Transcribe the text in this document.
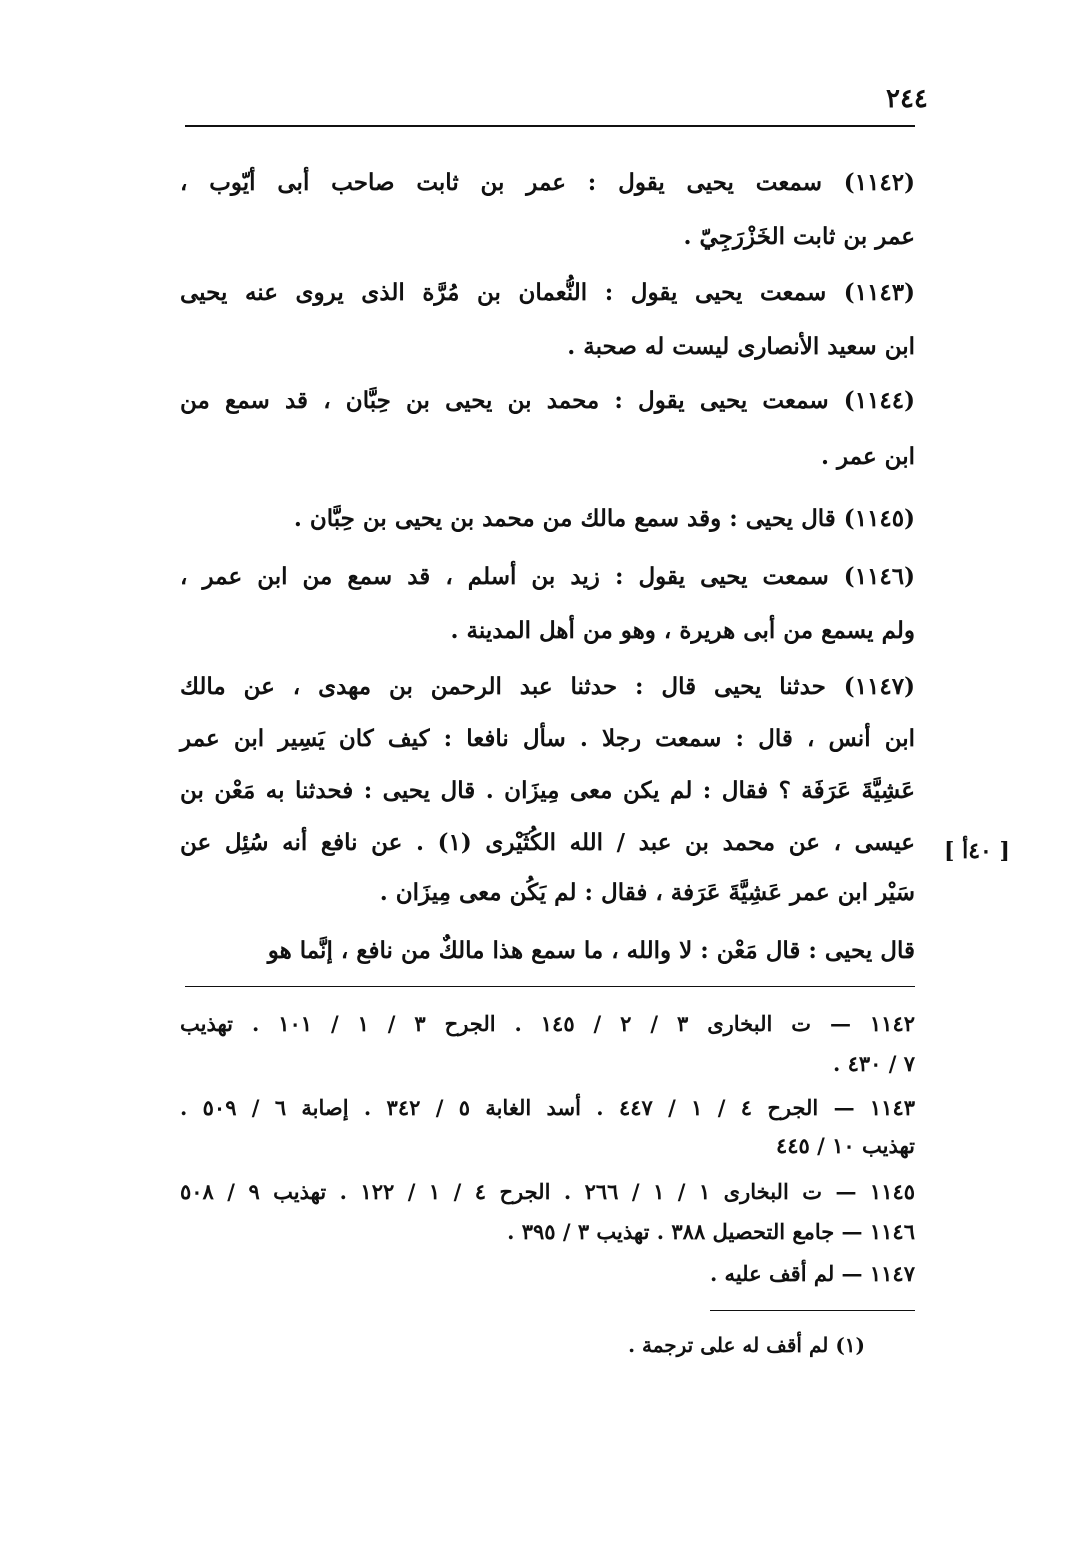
٢٤٤
(١١٤٢) سمعت يحيى يقول : عمر بن ثابت صاحب أبى أيّوب ،
عمر بن ثابت الخَزْرَجِيّ .
(١١٤٣) سمعت يحيى يقول : النُّعمان بن مُرَّة الذى يروى عنه يحيى
ابن سعيد الأنصارى ليست له صحبة .
(١١٤٤) سمعت يحيى يقول : محمد بن يحيى بن حِبَّان ، قد سمع من
ابن عمر .
(١١٤٥) قال يحيى : وقد سمع مالك من محمد بن يحيى بن حِبَّان .
(١١٤٦) سمعت يحيى يقول : زيد بن أسلم ، قد سمع من ابن عمر ،
ولم يسمع من أبى هريرة ، وهو من أهل المدينة .
(١١٤٧) حدثنا يحيى قال : حدثنا عبد الرحمن بن مهدى ، عن مالك
ابن أنس ، قال : سمعت رجلا . سأل نافعا : كيف كان يَسِير ابن عمر
عَشِيَّةَ عَرَفَة ؟ فقال : لم يكن معى مِيزَان . قال يحيى : فحدثنا به مَعْن بن
عيسى ، عن محمد بن عبد / الله الكُثَيْرى (١) . عن نافع أنه سُئِل عن
سَيْر ابن عمر عَشِيَّةَ عَرَفة ، فقال : لم يَكُن معى مِيزَان .
قال يحيى : قال مَعْن : لا والله ، ما سمع هذا مالكٌ من نافع ، إنَّما هو
[ ٤٠أ ]
١١٤٢ — ت البخارى ٣ / ٢ / ١٤٥ . الجرح ٣ / ١ / ١٠١ . تهذيب
٧ / ٤٣٠ .
١١٤٣ — الجرح ٤ / ١ / ٤٤٧ . أسد الغابة ٥ / ٣٤٢ . إصابة ٦ / ٥٠٩ .
تهذيب ١٠ / ٤٤٥
١١٤٥ — ت البخارى ١ / ١ / ٢٦٦ . الجرح ٤ / ١ / ١٢٢ . تهذيب ٩ / ٥٠٨
١١٤٦ — جامع التحصيل ٣٨٨ . تهذيب ٣ / ٣٩٥ .
١١٤٧ — لم أقف عليه .
(١) لم أقف له على ترجمة .
